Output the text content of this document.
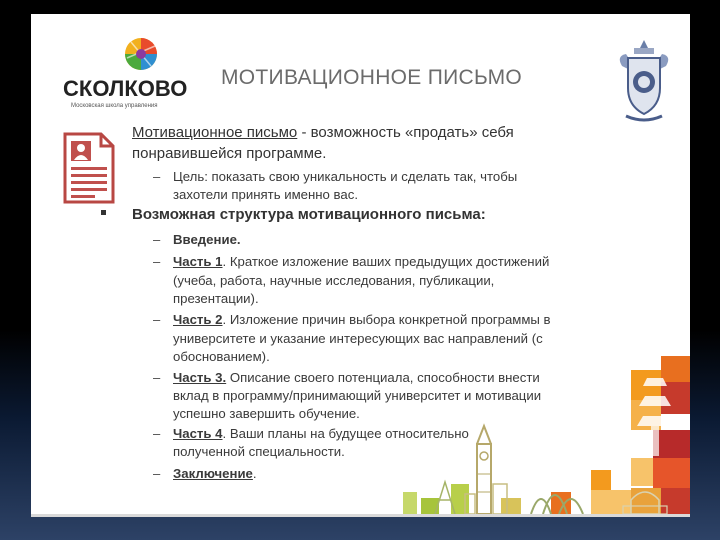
СКОЛКОВО
Московская школа управления
МОТИВАЦИОННОЕ ПИСЬМО
Мотивационное письмо - возможность «продать» себя
понравившейся программе.
– Цель: показать свою уникальность и сделать так, чтобы
захотели принять именно вас.
Возможная структура мотивационного письма:
– Введение.
– Часть 1. Краткое изложение ваших предыдущих достижений
(учеба, работа, научные исследования, публикации,
презентации).
– Часть 2. Изложение причин выбора конкретной программы в
университете и указание интересующих вас направлений (с
обоснованием).
– Часть 3. Описание своего потенциала, способности внести
вклад в программу/принимающий университет и мотивации
успешно завершить обучение.
– Часть 4. Ваши планы на будущее относительно
полученной специальности.
– Заключение.
